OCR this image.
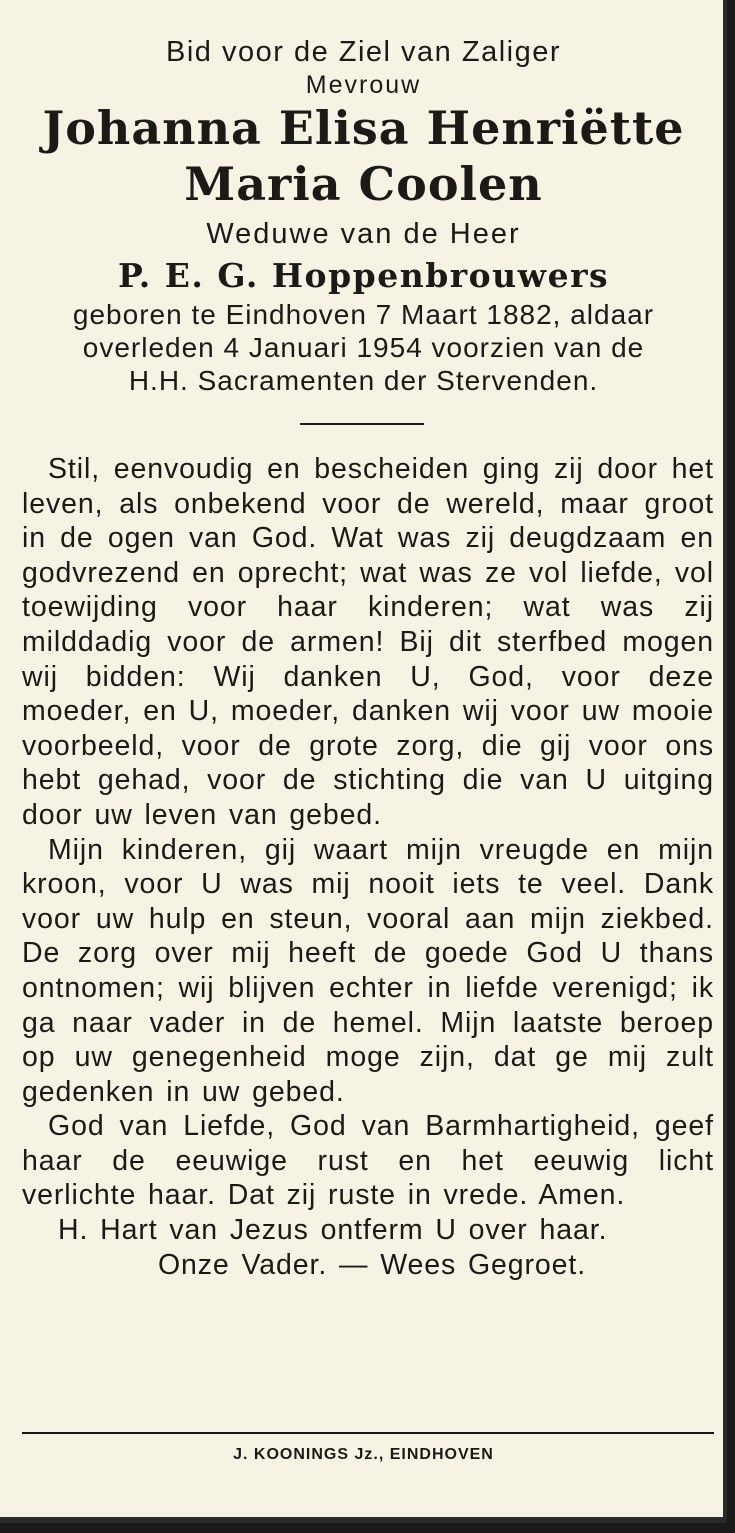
Bid voor de Ziel van Zaliger
Mevrouw
Johanna Elisa Henriëtte
Maria Coolen
Weduwe van de Heer
P. E. G. Hoppenbrouwers
geboren te Eindhoven 7 Maart 1882, aldaar
overleden 4 Januari 1954 voorzien van de
H.H. Sacramenten der Stervenden.

Stil, eenvoudig en bescheiden ging zij door het leven, als onbekend voor de wereld, maar groot in de ogen van God. Wat was zij deugdzaam en godvrezend en oprecht; wat was ze vol liefde, vol toewijding voor haar kinderen; wat was zij milddadig voor de armen! Bij dit sterfbed mogen wij bidden: Wij danken U, God, voor deze moeder, en U, moeder, danken wij voor uw mooie voorbeeld, voor de grote zorg, die gij voor ons hebt gehad, voor de stichting die van U uitging door uw leven van gebed.

Mijn kinderen, gij waart mijn vreugde en mijn kroon, voor U was mij nooit iets te veel. Dank voor uw hulp en steun, vooral aan mijn ziekbed. De zorg over mij heeft de goede God U thans ontnomen; wij blijven echter in liefde verenigd; ik ga naar vader in de hemel. Mijn laatste beroep op uw genegenheid moge zijn, dat ge mij zult gedenken in uw gebed.

God van Liefde, God van Barmhartigheid, geef haar de eeuwige rust en het eeuwig licht verlichte haar. Dat zij ruste in vrede. Amen.

H. Hart van Jezus ontferm U over haar.

Onze Vader. — Wees Gegroet.

J. KOONINGS Jz., EINDHOVEN
